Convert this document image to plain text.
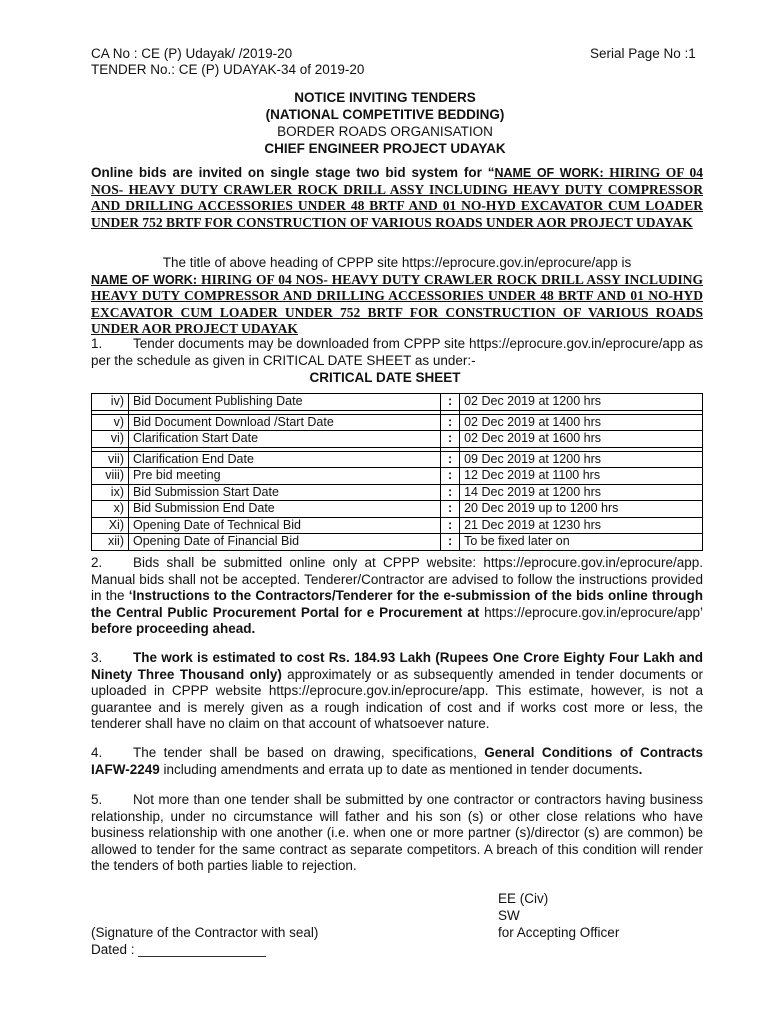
CA No : CE (P) Udayak/ /2019-20
TENDER No.: CE (P) UDAYAK-34 of 2019-20
Serial Page No :1
NOTICE INVITING TENDERS
(NATIONAL COMPETITIVE BEDDING)
BORDER ROADS ORGANISATION
CHIEF ENGINEER PROJECT UDAYAK
Online bids are invited on single stage two bid system for “NAME OF WORK: HIRING OF 04 NOS- HEAVY DUTY CRAWLER ROCK DRILL ASSY INCLUDING HEAVY DUTY COMPRESSOR AND DRILLING ACCESSORIES UNDER 48 BRTF AND 01 NO-HYD EXCAVATOR CUM LOADER UNDER 752 BRTF FOR CONSTRUCTION OF VARIOUS ROADS UNDER AOR PROJECT UDAYAK
The title of above heading of CPPP site https://eprocure.gov.in/eprocure/app is
NAME OF WORK: HIRING OF 04 NOS- HEAVY DUTY CRAWLER ROCK DRILL ASSY INCLUDING HEAVY DUTY COMPRESSOR AND DRILLING ACCESSORIES UNDER 48 BRTF AND 01 NO-HYD EXCAVATOR CUM LOADER UNDER 752 BRTF FOR CONSTRUCTION OF VARIOUS ROADS UNDER AOR PROJECT UDAYAK
1. Tender documents may be downloaded from CPPP site https://eprocure.gov.in/eprocure/app as per the schedule as given in CRITICAL DATE SHEET as under:-
CRITICAL DATE SHEET
iv)	Bid Document Publishing Date	:	02 Dec 2019 at 1200 hrs

v)	Bid Document Download /Start Date	:	02 Dec 2019 at 1400 hrs
vi)	Clarification Start Date	:	02 Dec 2019 at 1600 hrs

vii)	Clarification End Date	:	09 Dec 2019 at 1200 hrs
viii)	Pre bid meeting	:	12 Dec 2019 at 1100 hrs
ix)	Bid Submission Start Date	:	14 Dec 2019 at 1200 hrs
x)	Bid Submission End Date	:	20 Dec 2019 up to 1200 hrs
Xi)	Opening Date of Technical Bid	:	21 Dec 2019 at 1230 hrs
xii)	Opening Date of Financial Bid	:	To be fixed later on
2. Bids shall be submitted online only at CPPP website: https://eprocure.gov.in/eprocure/app. Manual bids shall not be accepted. Tenderer/Contractor are advised to follow the instructions provided in the ‘Instructions to the Contractors/Tenderer for the e-submission of the bids online through the Central Public Procurement Portal for e Procurement at https://eprocure.gov.in/eprocure/app’ before proceeding ahead.
3. The work is estimated to cost Rs. 184.93 Lakh (Rupees One Crore Eighty Four Lakh and Ninety Three Thousand only) approximately or as subsequently amended in tender documents or uploaded in CPPP website https://eprocure.gov.in/eprocure/app. This estimate, however, is not a guarantee and is merely given as a rough indication of cost and if works cost more or less, the tenderer shall have no claim on that account of whatsoever nature.
4. The tender shall be based on drawing, specifications, General Conditions of Contracts IAFW-2249 including amendments and errata up to date as mentioned in tender documents.
5. Not more than one tender shall be submitted by one contractor or contractors having business relationship, under no circumstance will father and his son (s) or other close relations who have business relationship with one another (i.e. when one or more partner (s)/director (s) are common) be allowed to tender for the same contract as separate competitors. A breach of this condition will render the tenders of both parties liable to rejection.
EE (Civ)
SW
for Accepting Officer
(Signature of the Contractor with seal)
Dated : _________________
